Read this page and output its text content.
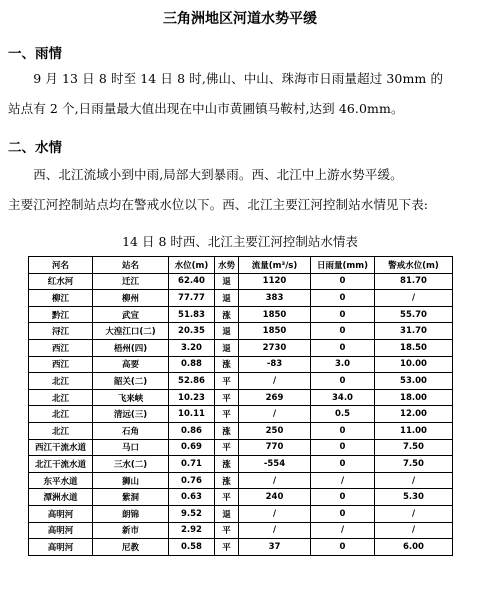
三角洲地区河道水势平缓
一、雨情
　　9 月 13 日 8 时至 14 日 8 时,佛山、中山、珠海市日雨量超过 30mm 的
站点有 2 个,日雨量最大值出现在中山市黄圃镇马鞍村,达到 46.0mm。
二、水情
　　西、北江流域小到中雨,局部大到暴雨。西、北江中上游水势平缓。
主要江河控制站点均在警戒水位以下。西、北江主要江河控制站水情见下表:
14 日 8 时西、北江主要江河控制站水情表
河名	站名	水位(m)	水势	流量(m³/s)	日雨量(mm)	警戒水位(m)
红水河	迁江	62.40	退	1120	0	81.70
柳江	柳州	77.77	退	383	0	/
黔江	武宣	51.83	涨	1850	0	55.70
浔江	大湟江口(二)	20.35	退	1850	0	31.70
西江	梧州(四)	3.20	退	2730	0	18.50
西江	高要	0.88	涨	-83	3.0	10.00
北江	韶关(二)	52.86	平	/	0	53.00
北江	飞来峡	10.23	平	269	34.0	18.00
北江	清远(三)	10.11	平	/	0.5	12.00
北江	石角	0.86	涨	250	0	11.00
西江干流水道	马口	0.69	平	770	0	7.50
北江干流水道	三水(二)	0.71	涨	-554	0	7.50
东平水道	狮山	0.76	涨	/	/	/
潭洲水道	紫洞	0.63	平	240	0	5.30
高明河	朗锦	9.52	退	/	0	/
高明河	新市	2.92	平	/	/	/
高明河	尼教	0.58	平	37	0	6.00
